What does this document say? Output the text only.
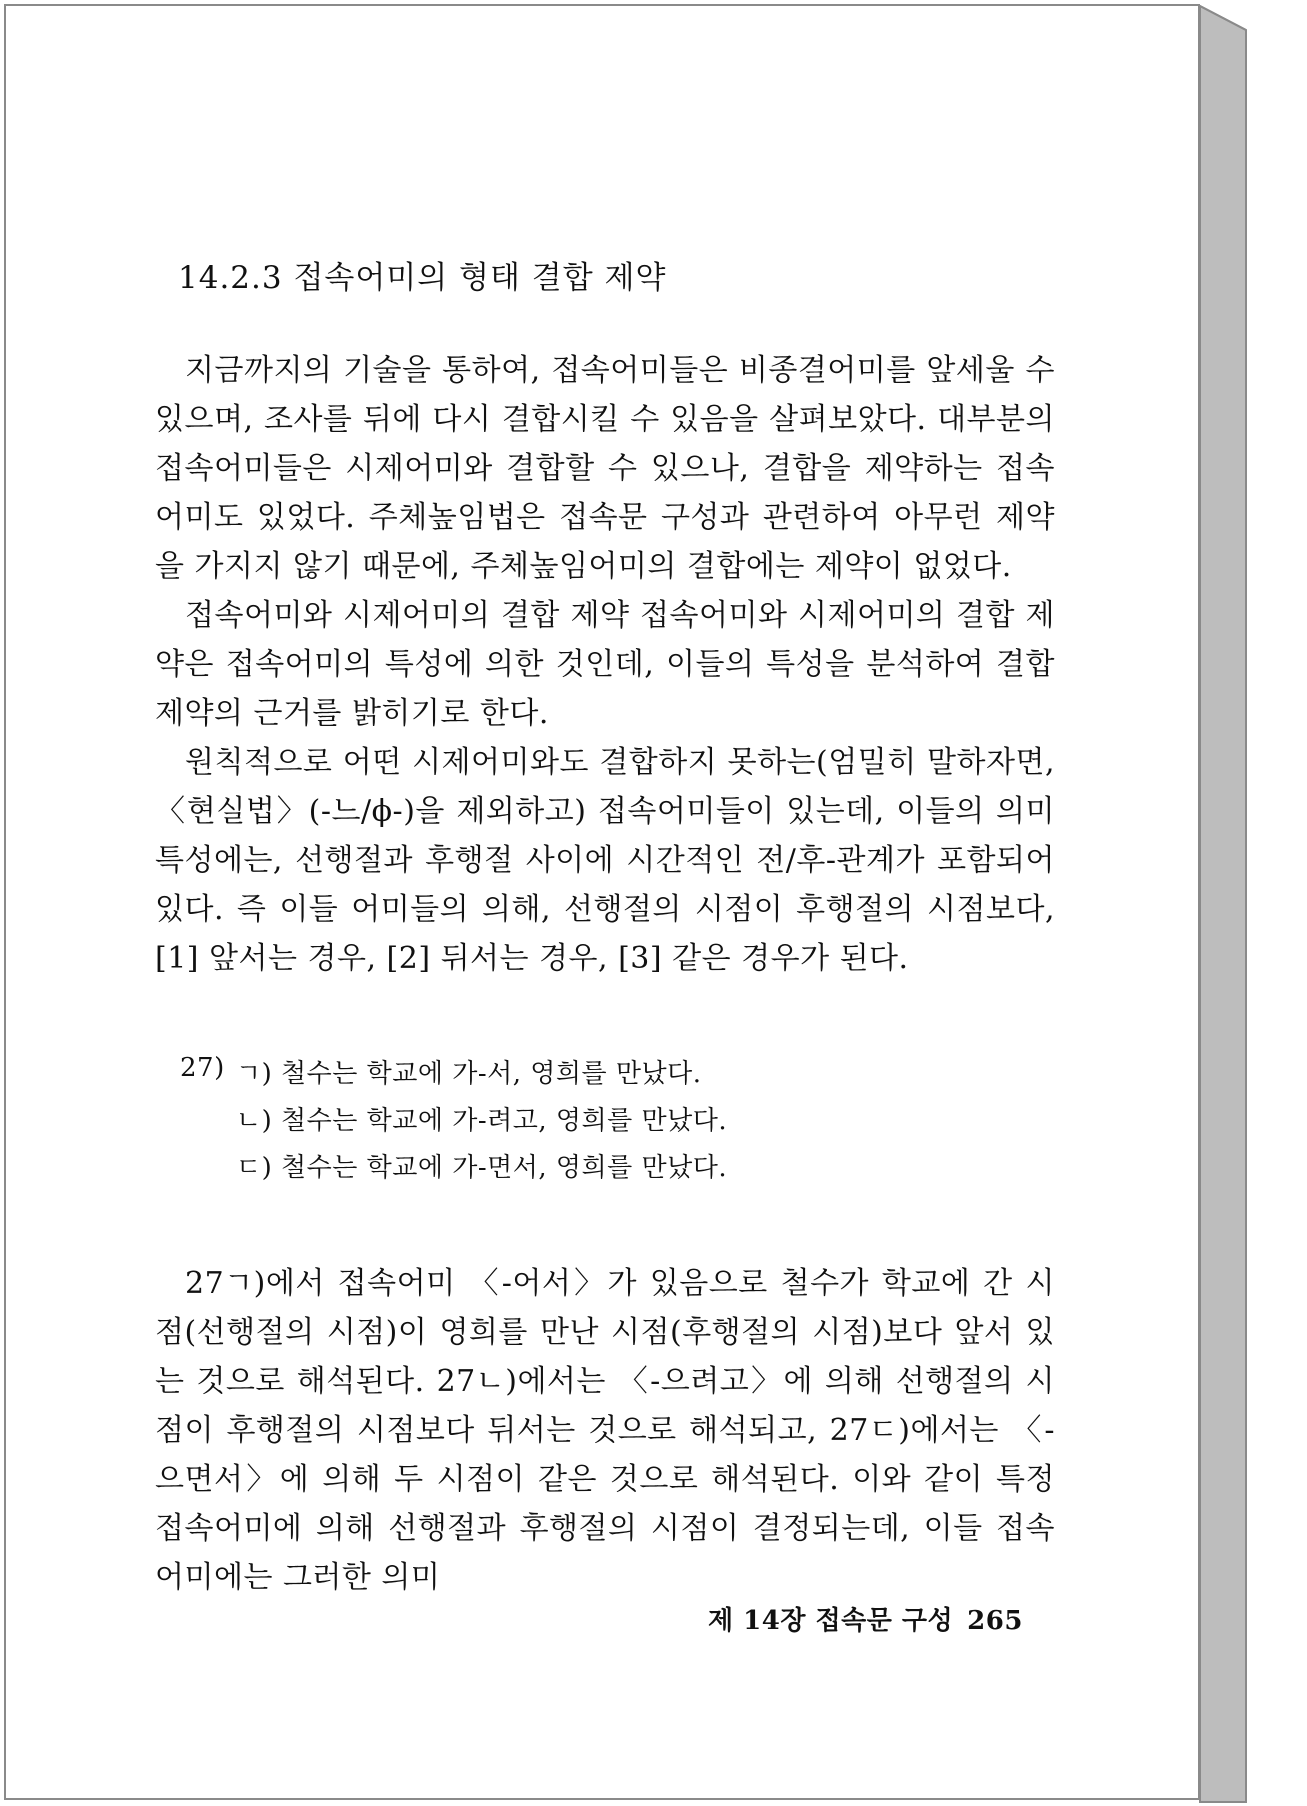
14.2.3 접속어미의 형태 결합 제약

지금까지의 기술을 통하여, 접속어미들은 비종결어미를 앞세울 수 있으며, 조사를 뒤에 다시 결합시킬 수 있음을 살펴보았다. 대부분의 접속어미들은 시제어미와 결합할 수 있으나, 결합을 제약하는 접속어미도 있었다. 주체높임법은 접속문 구성과 관련하여 아무런 제약을 가지지 않기 때문에, 주체높임어미의 결합에는 제약이 없었다.

접속어미와 시제어미의 결합 제약 접속어미와 시제어미의 결합 제약은 접속어미의 특성에 의한 것인데, 이들의 특성을 분석하여 결합 제약의 근거를 밝히기로 한다.

원칙적으로 어떤 시제어미와도 결합하지 못하는(엄밀히 말하자면, 〈현실법〉(-느/ϕ-)을 제외하고) 접속어미들이 있는데, 이들의 의미 특성에는, 선행절과 후행절 사이에 시간적인 전/후-관계가 포함되어 있다. 즉 이들 어미들의 의해, 선행절의 시점이 후행절의 시점보다, [1] 앞서는 경우, [2] 뒤서는 경우, [3] 같은 경우가 된다.

27) ㄱ) 철수는 학교에 가-서, 영희를 만났다.
ㄴ) 철수는 학교에 가-려고, 영희를 만났다.
ㄷ) 철수는 학교에 가-면서, 영희를 만났다.

27ㄱ)에서 접속어미 〈-어서〉가 있음으로 철수가 학교에 간 시점(선행절의 시점)이 영희를 만난 시점(후행절의 시점)보다 앞서 있는 것으로 해석된다. 27ㄴ)에서는 〈-으려고〉에 의해 선행절의 시점이 후행절의 시점보다 뒤서는 것으로 해석되고, 27ㄷ)에서는 〈-으면서〉에 의해 두 시점이 같은 것으로 해석된다. 이와 같이 특정 접속어미에 의해 선행절과 후행절의 시점이 결정되는데, 이들 접속어미에는 그러한 의미

제 14장 접속문 구성 265
